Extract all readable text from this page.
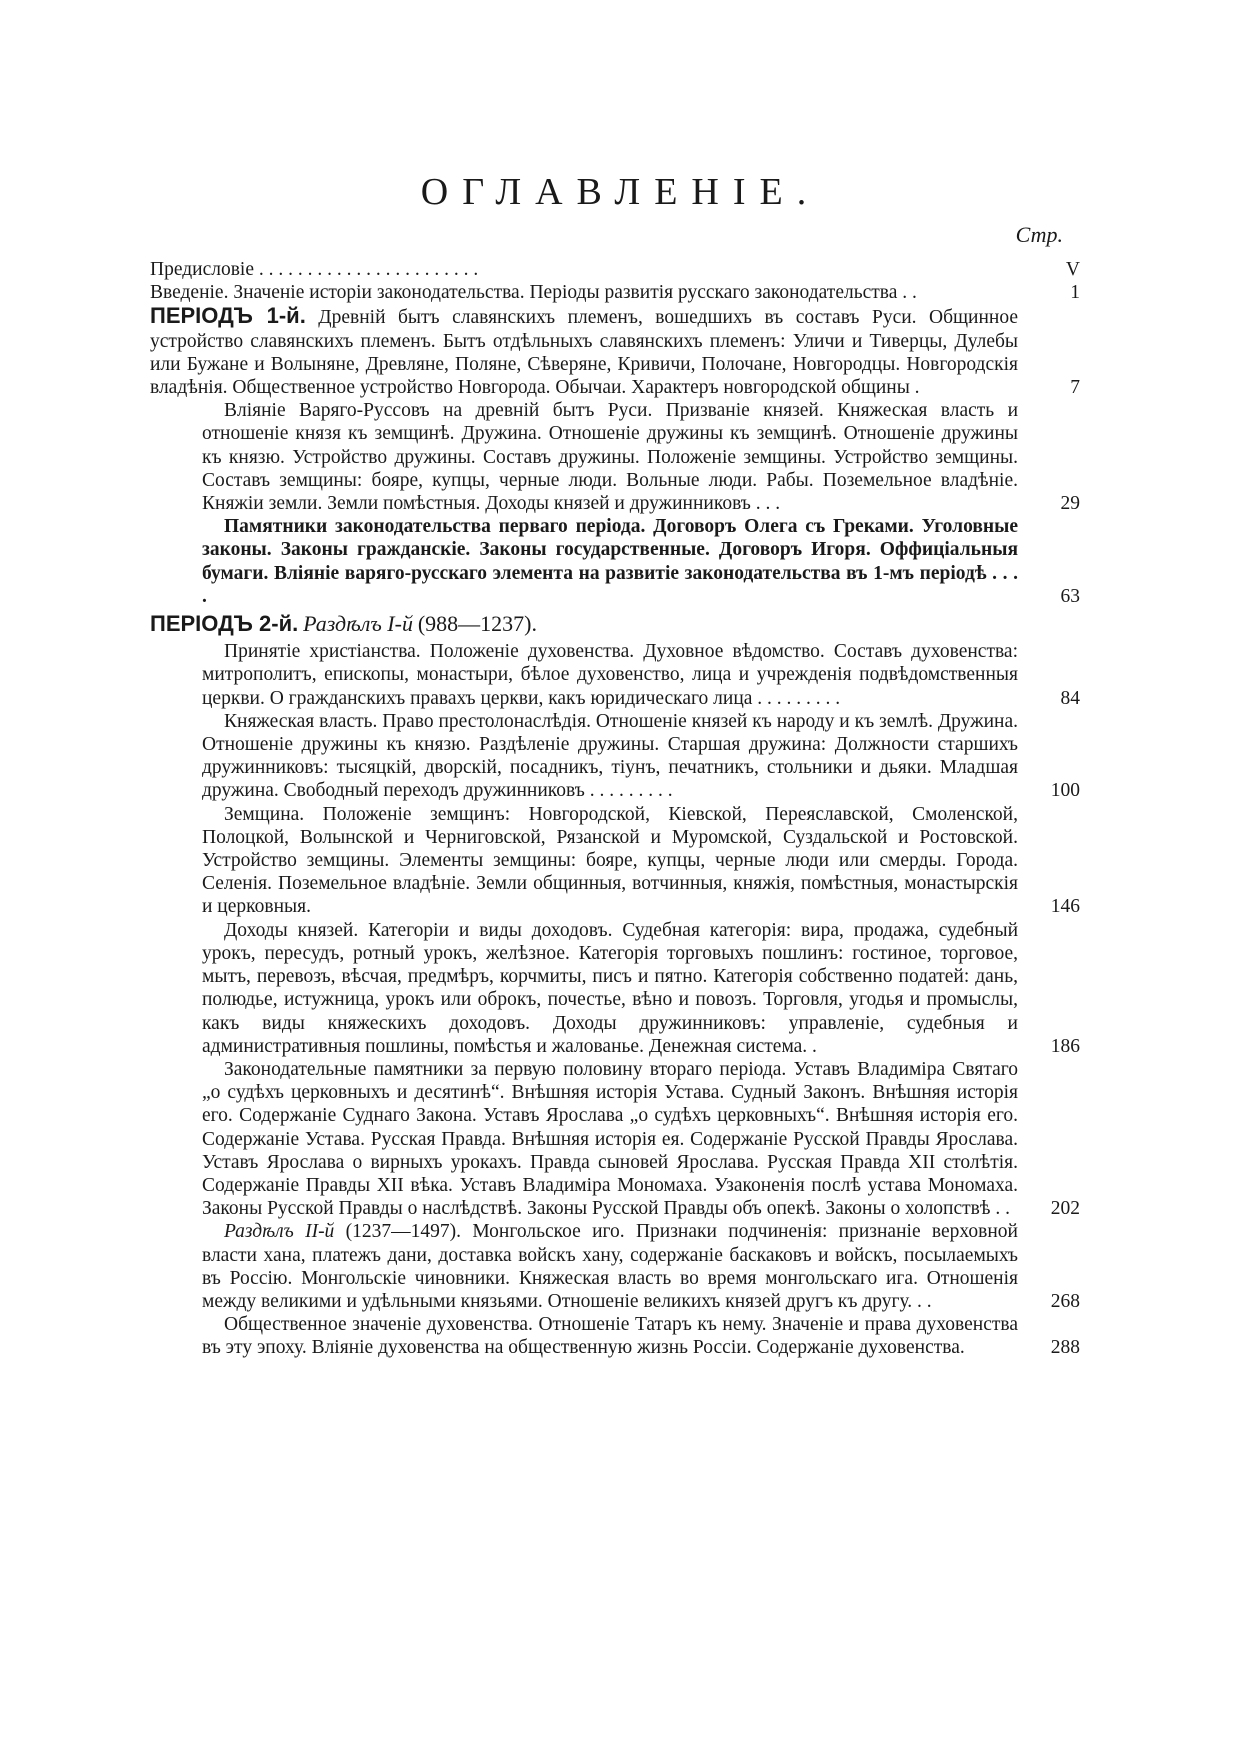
ОГЛАВЛЕНІЕ.
Стр.
Предисловіе . . . . . . . . . . . . . . . . . . . . . . .	V
Введеніе. Значеніе исторіи законодательства. Періоды развитія русскаго законодательства . .	1
ПЕРІОДЪ 1-й. Древній бытъ славянскихъ племенъ, вошедшихъ въ составъ Руси. Общинное устройство славянскихъ племенъ. Бытъ отдѣльныхъ славянскихъ племенъ: Уличи и Тиверцы, Дулебы или Бужане и Волыняне, Древляне, Поляне, Сѣверяне, Кривичи, Полочане, Новгородцы. Новгородскія владѣнія. Общественное устройство Новгорода. Обычаи. Характеръ новгородской общины .	7
Вліяніе Варяго-Руссовъ на древній бытъ Руси. Призваніе князей. Княжеская власть и отношеніе князя къ земщинѣ. Дружина. Отношеніе дружины къ земщинѣ. Отношеніе дружины къ князю. Устройство дружины. Составъ дружины. Положеніе земщины. Устройство земщины. Составъ земщины: бояре, купцы, черные люди. Вольные люди. Рабы. Поземельное владѣніе. Княжіи земли. Земли помѣстныя. Доходы князей и дружинниковъ . . .	29
Памятники законодательства перваго періода. Договоръ Олега съ Греками. Уголовные законы. Законы гражданскіе. Законы государственные. Договоръ Игоря. Оффиціальныя бумаги. Вліяніе варяго-русскаго элемента на развитіе законодательства въ 1-мъ періодѣ . . . .	63
ПЕРІОДЪ 2-й. Раздѣлъ I-й (988—1237).
Принятіе христіанства. Положеніе духовенства. Духовное вѣдомство. Составъ духовенства: митрополитъ, епископы, монастыри, бѣлое духовенство, лица и учрежденія подвѣдомственныя церкви. О гражданскихъ правахъ церкви, какъ юридическаго лица . . . . . . . . .	84
Княжеская власть. Право престолонаслѣдія. Отношеніе князей къ народу и къ землѣ. Дружина. Отношеніе дружины къ князю. Раздѣленіе дружины. Старшая дружина: Должности старшихъ дружинниковъ: тысяцкій, дворскій, посадникъ, тіунъ, печатникъ, стольники и дьяки. Младшая дружина. Свободный переходъ дружинниковъ . . . . . . . . .	100
Земщина. Положеніе земщинъ: Новгородской, Кіевской, Переяславской, Смоленской, Полоцкой, Волынской и Черниговской, Рязанской и Муромской, Суздальской и Ростовской. Устройство земщины. Элементы земщины: бояре, купцы, черные люди или смерды. Города. Селенія. Поземельное владѣніе. Земли общинныя, вотчинныя, княжія, помѣстныя, монастырскія и церковныя.	146
Доходы князей. Категоріи и виды доходовъ. Судебная категорія: вира, продажа, судебный урокъ, пересудъ, ротный урокъ, желѣзное. Категорія торговыхъ пошлинъ: гостиное, торговое, мытъ, перевозъ, вѣсчая, предмѣръ, корчмиты, писъ и пятно. Категорія собственно податей: дань, полюдье, истужница, урокъ или оброкъ, почестье, вѣно и повозъ. Торговля, угодья и промыслы, какъ виды княжескихъ доходовъ. Доходы дружинниковъ: управленіе, судебныя и административныя пошлины, помѣстья и жалованье. Денежная система. .	186
Законодательные памятники за первую половину втораго періода. Уставъ Владиміра Святаго „о судѣхъ церковныхъ и десятинѣ“. Внѣшняя исторія Устава. Судный Законъ. Внѣшняя исторія его. Содержаніе Суднаго Закона. Уставъ Ярослава „о судѣхъ церковныхъ“. Внѣшняя исторія его. Содержаніе Устава. Русская Правда. Внѣшняя исторія ея. Содержаніе Русской Правды Ярослава. Уставъ Ярослава о вирныхъ урокахъ. Правда сыновей Ярослава. Русская Правда XII столѣтія. Содержаніе Правды XII вѣка. Уставъ Владиміра Мономаха. Узаконенія послѣ устава Мономаха. Законы Русской Правды о наслѣдствѣ. Законы Русской Правды объ опекѣ. Законы о холопствѣ . .	202
Раздѣлъ II-й (1237—1497). Монгольское иго. Признаки подчиненія: признаніе верховной власти хана, платежъ дани, доставка войскъ хану, содержаніе баскаковъ и войскъ, посылаемыхъ въ Россію. Монгольскіе чиновники. Княжеская власть во время монгольскаго ига. Отношенія между великими и удѣльными князьями. Отношеніе великихъ князей другъ къ другу. . .	268
Общественное значеніе духовенства. Отношеніе Татаръ къ нему. Значеніе и права духовенства въ эту эпоху. Вліяніе духовенства на общественную жизнь Россіи. Содержаніе духовенства.	288
